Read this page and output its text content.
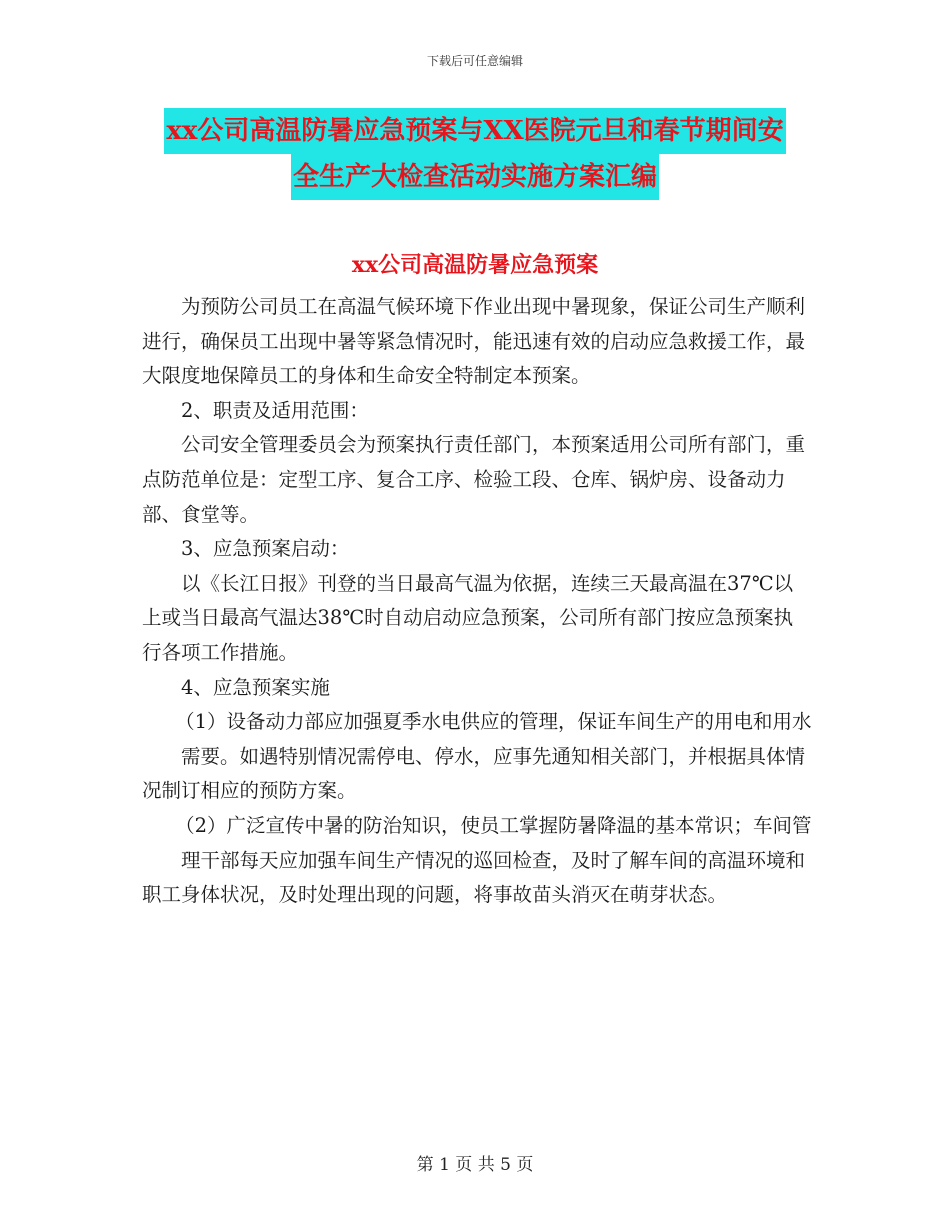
下载后可任意编辑
xx公司高温防暑应急预案与XX医院元旦和春节期间安
全生产大检查活动实施方案汇编
xx公司高温防暑应急预案

为预防公司员工在高温气候环境下作业出现中暑现象，保证公司生产顺利进行，确保员工出现中暑等紧急情况时，能迅速有效的启动应急救援工作，最大限度地保障员工的身体和生命安全特制定本预案。

2、职责及适用范围：

公司安全管理委员会为预案执行责任部门，本预案适用公司所有部门，重点防范单位是：定型工序、复合工序、检验工段、仓库、锅炉房、设备动力部、食堂等。

3、应急预案启动：

以《长江日报》刊登的当日最高气温为依据，连续三天最高温在37℃以上或当日最高气温达38℃时自动启动应急预案，公司所有部门按应急预案执行各项工作措施。

4、应急预案实施

（1）设备动力部应加强夏季水电供应的管理，保证车间生产的用电和用水

需要。如遇特别情况需停电、停水，应事先通知相关部门，并根据具体情况制订相应的预防方案。

（2）广泛宣传中暑的防治知识，使员工掌握防暑降温的基本常识；车间管

理干部每天应加强车间生产情况的巡回检查，及时了解车间的高温环境和职工身体状况，及时处理出现的问题，将事故苗头消灭在萌芽状态。

第 1 页 共 5 页
